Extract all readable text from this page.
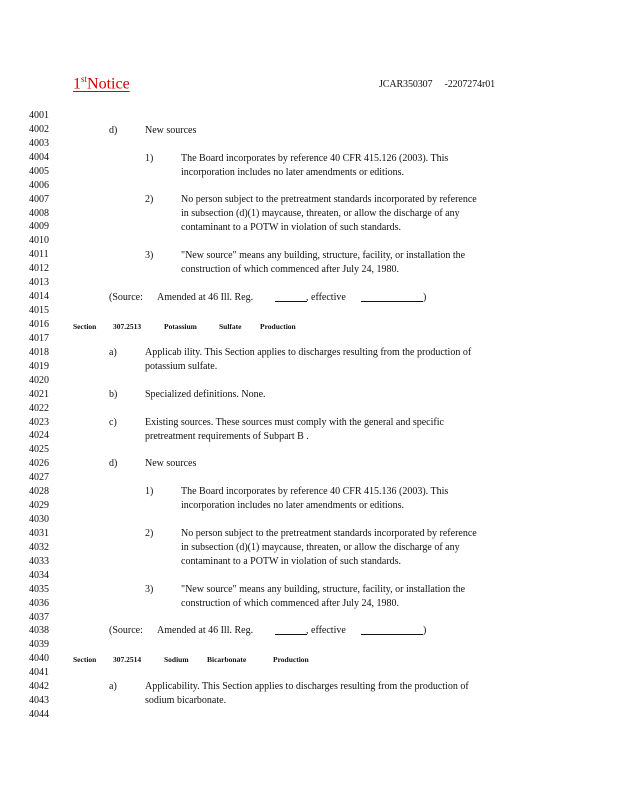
1stNotice	JCAR350307 -2207274r01
4001
4002
4003
4004
4005
4006
4007
4008
4009
4010
4011
4012
4013
4014
4015
4016
4017
4018
4019
4020
4021
4022
4023
4024
4025
4026
4027
4028
4029
4030
4031
4032
4033
4034
4035
4036
4037
4038
4039
4040
4041
4042
4043
4044
d)	New sources
1)	The Board incorporates by reference 40 CFR 415.126 (2003). This
incorporation includes no later amendments or editions.
2)	No person subject to the pretreatment standards incorporated by reference
in subsection (d)(1) maycause, threaten, or allow the discharge of any
contaminant to a POTW in violation of such standards.
3)	"New source" means any building, structure, facility, or installation the
construction of which commenced after July 24, 1980.
(Source: Amended at 46 Ill. Reg.	, effective	)
Section 307.2513	Potassium	Sulfate Production
a)	Applicab ility. This Section applies to discharges resulting from the production of
potassium sulfate.
b)	Specialized definitions. None.
c)	Existing sources. These sources must comply with the general and specific
pretreatment requirements of Subpart B .
d)	New sources
1)	The Board incorporates by reference 40 CFR 415.136 (2003). This
incorporation includes no later amendments or editions.
2)	No person subject to the pretreatment standards incorporated by reference
in subsection (d)(1) maycause, threaten, or allow the discharge of any
contaminant to a POTW in violation of such standards.
3)	"New source" means any building, structure, facility, or installation the
construction of which commenced after July 24, 1980.
(Source: Amended at 46 Ill. Reg.	, effective	)
Section 307.2514	Sodium Bicarbonate	Production
a)	Applicability. This Section applies to discharges resulting from the production of
sodium bicarbonate.
